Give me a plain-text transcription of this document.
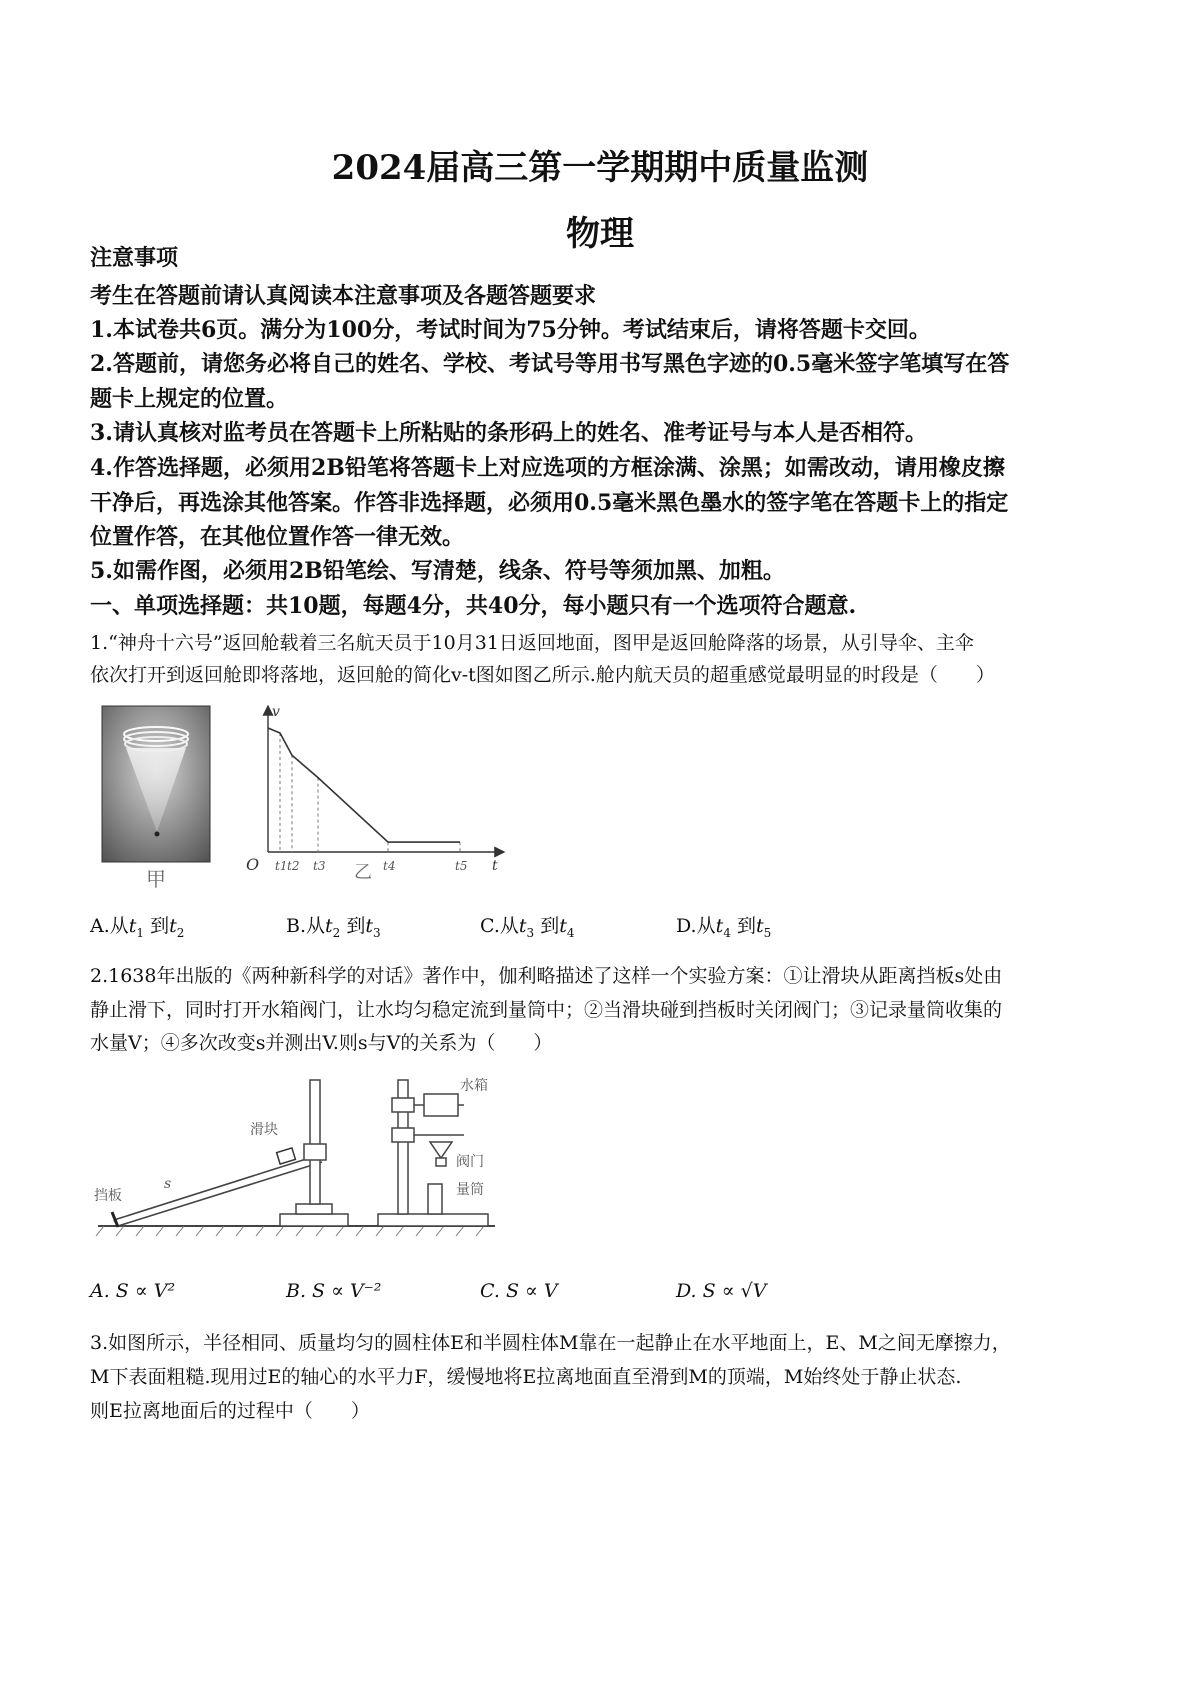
2024届高三第一学期期中质量监测
物理
注意事项
考生在答题前请认真阅读本注意事项及各题答题要求
1.本试卷共6页。满分为100分，考试时间为75分钟。考试结束后，请将答题卡交回。
2.答题前，请您务必将自己的姓名、学校、考试号等用书写黑色字迹的0.5毫米签字笔填写在答
题卡上规定的位置。
3.请认真核对监考员在答题卡上所粘贴的条形码上的姓名、准考证号与本人是否相符。
4.作答选择题，必须用2B铅笔将答题卡上对应选项的方框涂满、涂黑；如需改动，请用橡皮擦
干净后，再选涂其他答案。作答非选择题，必须用0.5毫米黑色墨水的签字笔在答题卡上的指定
位置作答，在其他位置作答一律无效。
5.如需作图，必须用2B铅笔绘、写清楚，线条、符号等须加黑、加粗。
一、单项选择题：共10题，每题4分，共40分，每小题只有一个选项符合题意.
1.“神舟十六号”返回舱载着三名航天员于10月31日返回地面，图甲是返回舱降落的场景，从引导伞、主伞
依次打开到返回舱即将落地，返回舱的简化v-t图如图乙所示.舱内航天员的超重感觉最明显的时段是（　　）
甲
v
t
O t1 t2 t3	t4	t5
乙
A.从$t_1$ 到$t_2$	B.从$t_2$ 到$t_3$	C.从$t_3$ 到$t_4$	D.从$t_4$ 到$t_5$
2.1638年出版的《两种新科学的对话》著作中，伽利略描述了这样一个实验方案：①让滑块从距离挡板s处由
静止滑下，同时打开水箱阀门，让水均匀稳定流到量筒中；②当滑块碰到挡板时关闭阀门；③记录量筒收集的
水量V；④多次改变s并测出V.则s与V的关系为（　　）
滑块
挡板
s
水箱
阀门
量筒
A. S ∝ V²	B. S ∝ V⁻²	C. S ∝ V	D. S ∝ √V
3.如图所示，半径相同、质量均匀的圆柱体E和半圆柱体M靠在一起静止在水平地面上，E、M之间无摩擦力，
M下表面粗糙.现用过E的轴心的水平力F，缓慢地将E拉离地面直至滑到M的顶端，M始终处于静止状态.
则E拉离地面后的过程中（　　）
